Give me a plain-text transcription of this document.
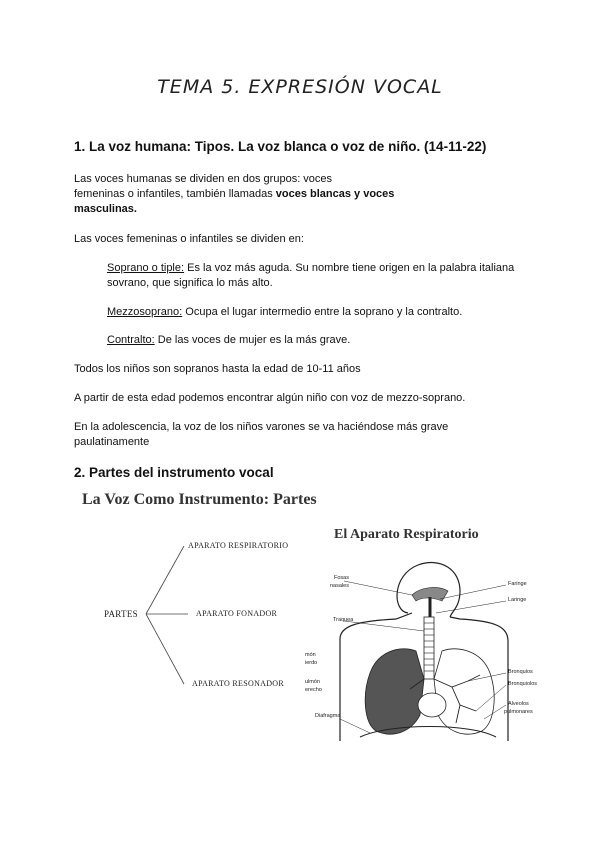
TEMA 5. EXPRESIÓN VOCAL
1. La voz humana: Tipos. La voz blanca o voz de niño. (14-11-22)
Las voces humanas se dividen en dos grupos: voces
femeninas o infantiles, también llamadas voces blancas y voces
masculinas.
Las voces femeninas o infantiles se dividen en:
Soprano o tiple: Es la voz más aguda. Su nombre tiene origen en la palabra italiana
sovrano, que significa lo más alto.
Mezzosoprano: Ocupa el lugar intermedio entre la soprano y la contralto.
Contralto: De las voces de mujer es la más grave.
Todos los niños son sopranos hasta la edad de 10-11 años
A partir de esta edad podemos encontrar algún niño con voz de mezzo-soprano.
En la adolescencia, la voz de los niños varones se va haciéndose más grave
paulatinamente
2. Partes del instrumento vocal
La Voz Como Instrumento: Partes
PARTES
APARATO RESPIRATORIO
APARATO FONADOR
APARATO RESONADOR
El Aparato Respiratorio
Fosas
nasales
Traquea
món
ierdo
ulmón
erecho
Diafragma
Faringe
Laringe
Bronquios
Bronquiolos
Alveolos
pulmonares
